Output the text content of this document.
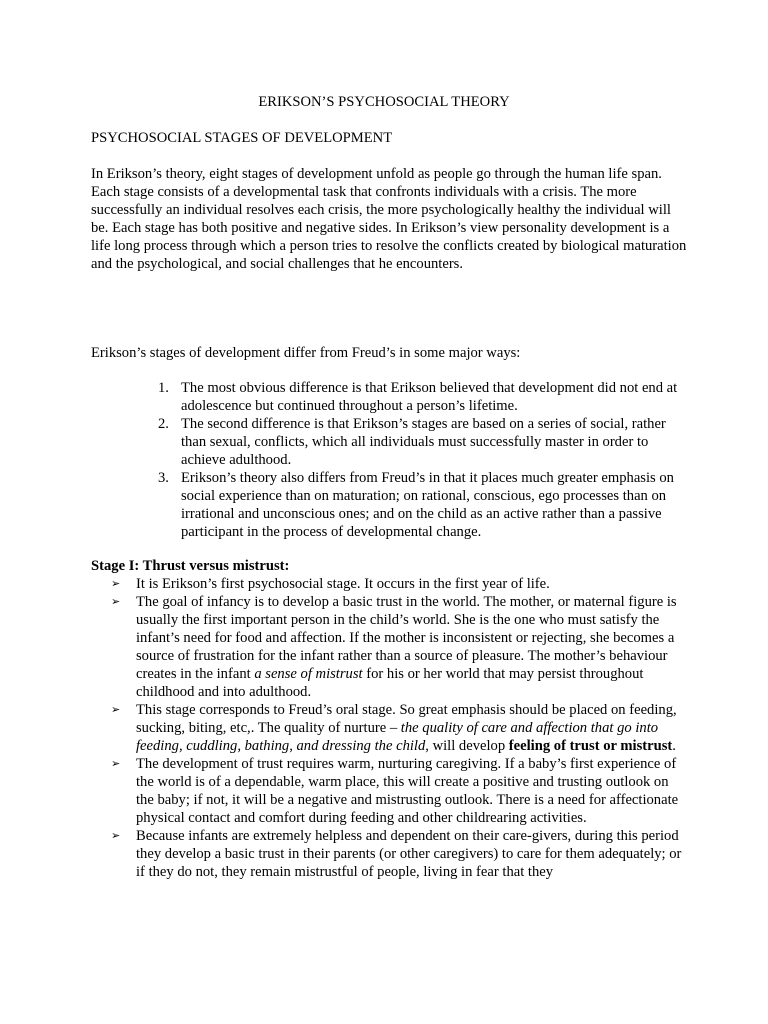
ERIKSON’S PSYCHOSOCIAL THEORY

PSYCHOSOCIAL STAGES OF DEVELOPMENT

In Erikson’s theory, eight stages of development unfold as people go through the human life span. Each stage consists of a developmental task that confronts individuals with a crisis. The more successfully an individual resolves each crisis, the more psychologically healthy the individual will be. Each stage has both positive and negative sides. In Erikson’s view personality development is a life long process through which a person tries to resolve the conflicts created by biological maturation and the psychological, and social challenges that he encounters.

Erikson’s stages of development differ from Freud’s in some major ways:

1. The most obvious difference is that Erikson believed that development did not end at adolescence but continued throughout a person’s lifetime.
2. The second difference is that Erikson’s stages are based on a series of social, rather than sexual, conflicts, which all individuals must successfully master in order to achieve adulthood.
3. Erikson’s theory also differs from Freud’s in that it places much greater emphasis on social experience than on maturation; on rational, conscious, ego processes than on irrational and unconscious ones; and on the child as an active rather than a passive participant in the process of developmental change.

Stage I: Thrust versus mistrust:

➢ It is Erikson’s first psychosocial stage. It occurs in the first year of life.
➢ The goal of infancy is to develop a basic trust in the world. The mother, or maternal figure is usually the first important person in the child’s world. She is the one who must satisfy the infant’s need for food and affection. If the mother is inconsistent or rejecting, she becomes a source of frustration for the infant rather than a source of pleasure. The mother’s behaviour creates in the infant a sense of mistrust for his or her world that may persist throughout childhood and into adulthood.
➢ This stage corresponds to Freud’s oral stage. So great emphasis should be placed on feeding, sucking, biting, etc,. The quality of nurture – the quality of care and affection that go into feeding, cuddling, bathing, and dressing the child, will develop feeling of trust or mistrust.
➢ The development of trust requires warm, nurturing caregiving. If a baby’s first experience of the world is of a dependable, warm place, this will create a positive and trusting outlook on the baby; if not, it will be a negative and mistrusting outlook. There is a need for affectionate physical contact and comfort during feeding and other childrearing activities.
➢ Because infants are extremely helpless and dependent on their care-givers, during this period they develop a basic trust in their parents (or other caregivers) to care for them adequately; or if they do not, they remain mistrustful of people, living in fear that they
